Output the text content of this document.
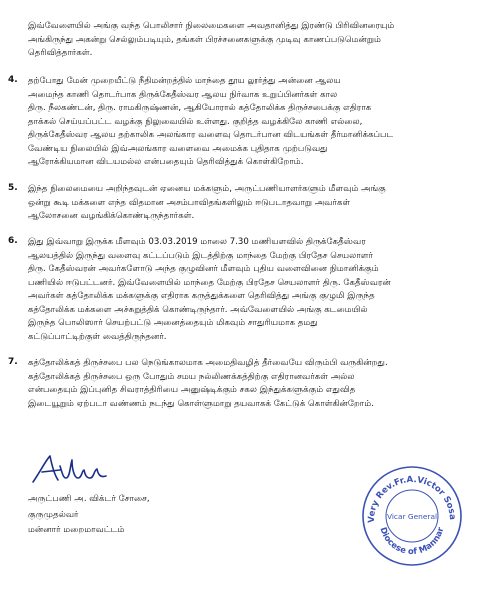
இவ்வேளையில் அங்கு வந்த பொலிசார் நிலைமைகளை அவதானித்து இரண்டு பிரிவினரையும்
அங்கிருந்து அகன்று செல்லும்படியும், தங்கள் பிரச்சனைகளுக்கு முடிவு காணப்படுமென்றும்
தெரிவித்தார்கள்.
4. தற்போது மேன் முறையீட்டு நீதிமன்றத்தில் மாந்தை தூய லூர்த்து அன்னை ஆலய
அமைந்த காணி தொடர்பாக திருக்கேதீஸ்வர ஆலய நிர்வாக உறுப்பினர்கள் கால
திரு. நீலகண்டன், திரு. ராமகிருஷ்ணன், ஆகியோரால் கத்தோலிக்க திருச்சபைக்கு எதிராக
தாக்கல் செய்யப்பட்ட வழக்கு நிலுவையில் உள்ளது. குறித்த வழக்கிலே காணி எல்லை,
திருக்கேதீஸ்வர ஆலய தற்காலிக அலங்கார வளைவு தொடர்பான விடயங்கள் தீர்மானிக்கப்பட
வேண்டிய நிலையில் இவ்அலங்கார வளைவை அமைக்க புதிதாக முற்படுவது
ஆரோக்கியமான விடயமல்ல என்பதையும் தெரிவித்துக் கொள்கிறோம்.
5. இந்த நிலைமையை அறிந்தவுடன் ஏனைய மக்களும், அருட்பணியாளர்களும் மீளவும் அங்கு
ஒன்று கூடி மக்களை எந்த விதமான அசம்பாவிதங்களிலும் ஈடுபடாதவாறு அவர்கள்
ஆலோசனை வழங்கிக்கொண்டிருந்தார்கள்.
6. இது இவ்வாறு இருக்க மீளவும் 03.03.2019 மாலை 7.30 மணியளவில் திருக்கேதீஸ்வர
ஆலயத்தில் இருந்து வளைவு கட்டப்படும் இடத்திற்கு மாந்தை மேற்கு பிரதேச செயலாளர்
திரு. கேதீஸ்வரன் அவர்களோடு அந்த குழுவினர் மீளவும் புதிய வளைவினை நிமானிக்கும்
பணியில் ஈடுபட்டனர். இவ்வேளையில் மாந்தை மேற்கு பிரதேச செயலாளர் திரு. கேதீஸ்வரன்
அவர்கள் கத்தோலிக்க மக்களுக்கு எதிராக கருத்துக்களை தெரிவித்து அங்கு குழுமி இருந்த
கத்தோலிக்க மக்களை அச்சுறுத்திக் கொண்டிருந்தார். அவ்வேளையில் அங்கு கடமையில்
இருந்த பொலிஸார் செயற்பட்டு அனைத்தையும் மிகவும் சாதுரியமாக தமது
கட்டுப்பாட்டிற்குள் வைத்திருந்தனர்.
7. கத்தோலிக்கத் திருச்சபை பல நெடுங்காலமாக அமைதிவழித் தீர்வையே விரும்பி வருகின்றது.
கத்தோலிக்கத் திருச்சபை ஒரு போதும் சமய நல்லிணக்கத்திற்கு எதிரானவர்கள் அல்ல
என்பதையும் இப்புனித சிவராத்திரியை அனுஷ்டிக்கும் சகல இந்துக்களுக்கும் எதுவித
இடையூறும் ஏற்படா வண்ணம் நடந்து கொள்ளுமாறு தயவாகக் கேட்டுக் கொள்கின்றோம்.
அருட்பணி அ. விக்டர் சோசை,
குருமுதல்வர்
மன்னார் மறைமாவட்டம்
Very Rev.Fr.A.Victor Sosa
Diocese of Mannar
Vicar General
